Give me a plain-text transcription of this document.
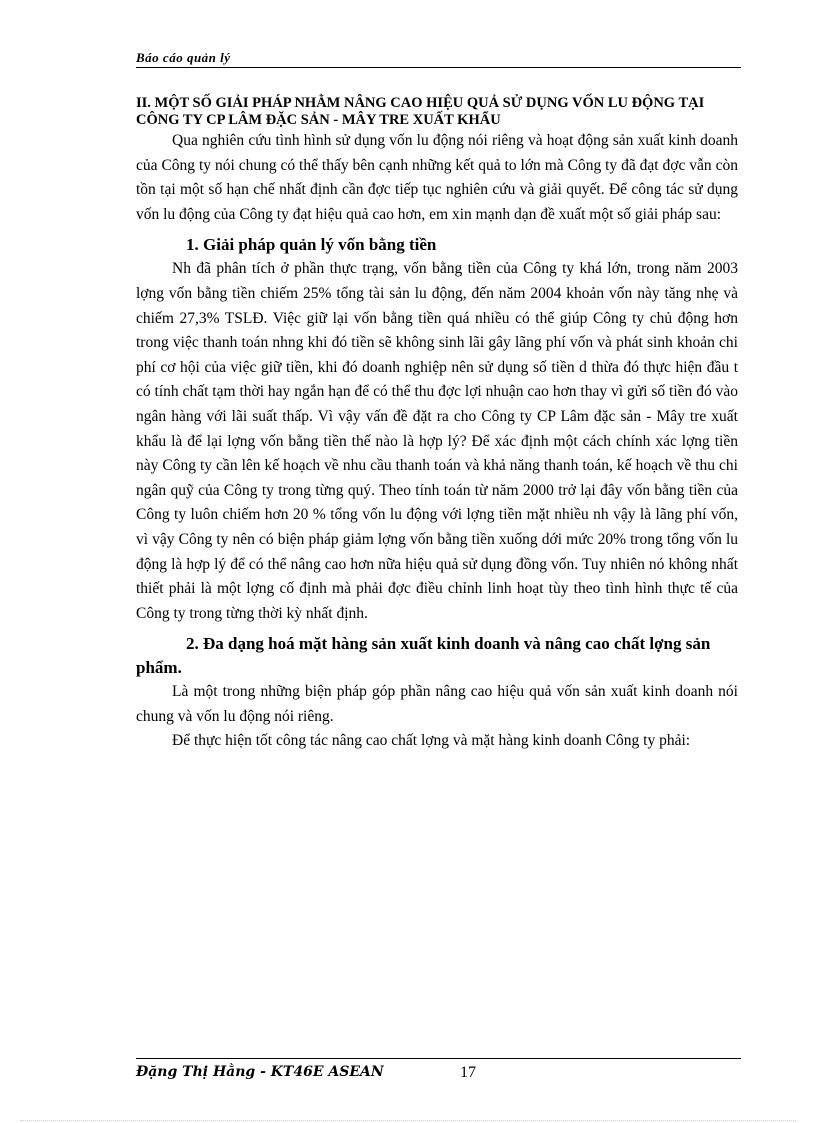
Báo cáo quản lý

II. MỘT SỐ GIẢI PHÁP NHẰM NÂNG CAO HIỆU QUẢ SỬ DỤNG VỐN LU ĐỘNG TẠI CÔNG TY CP LÂM ĐẶC SẢN - MÂY TRE XUẤT KHẨU

Qua nghiên cứu tình hình sử dụng vốn lu động nói riêng và hoạt động sản xuất kinh doanh của Công ty nói chung có thể thấy bên cạnh những kết quả to lớn mà Công ty đã đạt đợc vẫn còn tồn tại một số hạn chế nhất định cần đợc tiếp tục nghiên cứu và giải quyết. Để công tác sử dụng vốn lu động của Công ty đạt hiệu quả cao hơn, em xin mạnh dạn đề xuất một số giải pháp sau:

1. Giải pháp quản lý vốn bằng tiền

Nh đã phân tích ở phần thực trạng, vốn bằng tiền của Công ty khá lớn, trong năm 2003 lợng vốn bằng tiền chiếm 25% tổng tài sản lu động, đến năm 2004 khoản vốn này tăng nhẹ và chiếm 27,3% TSLĐ. Việc giữ lại vốn bằng tiền quá nhiều có thể giúp Công ty chủ động hơn trong việc thanh toán nhng khi đó tiền sẽ không sinh lãi gây lãng phí vốn và phát sinh khoản chi phí cơ hội của việc giữ tiền, khi đó doanh nghiệp nên sử dụng số tiền d thừa đó thực hiện đầu t có tính chất tạm thời hay ngắn hạn để có thể thu đợc lợi nhuận cao hơn thay vì gửi số tiền đó vào ngân hàng với lãi suất thấp. Vì vậy vấn đề đặt ra cho Công ty CP Lâm đặc sản - Mây tre xuất khẩu là để lại lợng vốn bằng tiền thế nào là hợp lý? Để xác định một cách chính xác lợng tiền này Công ty cần lên kế hoạch về nhu cầu thanh toán và khả năng thanh toán, kế hoạch về thu chi ngân quỹ của Công ty trong từng quý. Theo tính toán từ năm 2000 trở lại đây vốn bằng tiền của Công ty luôn chiếm hơn 20 % tổng vốn lu động với lợng tiền mặt nhiều nh vậy là lãng phí vốn, vì vậy Công ty nên có biện pháp giảm lợng vốn bằng tiền xuống dới mức 20% trong tổng vốn lu động là hợp lý để có thể nâng cao hơn nữa hiệu quả sử dụng đồng vốn. Tuy nhiên nó không nhất thiết phải là một lợng cố định mà phải đợc điều chỉnh linh hoạt tùy theo tình hình thực tế của Công ty trong từng thời kỳ nhất định.

2. Đa dạng hoá mặt hàng sản xuất kinh doanh và nâng cao chất lợng sản phẩm.

Là một trong những biện pháp góp phần nâng cao hiệu quả vốn sản xuất kinh doanh nói chung và vốn lu động nói riêng.

Để thực hiện tốt công tác nâng cao chất lợng và mặt hàng kinh doanh Công ty phải:

Đặng Thị Hằng - KT46E ASEAN	17
